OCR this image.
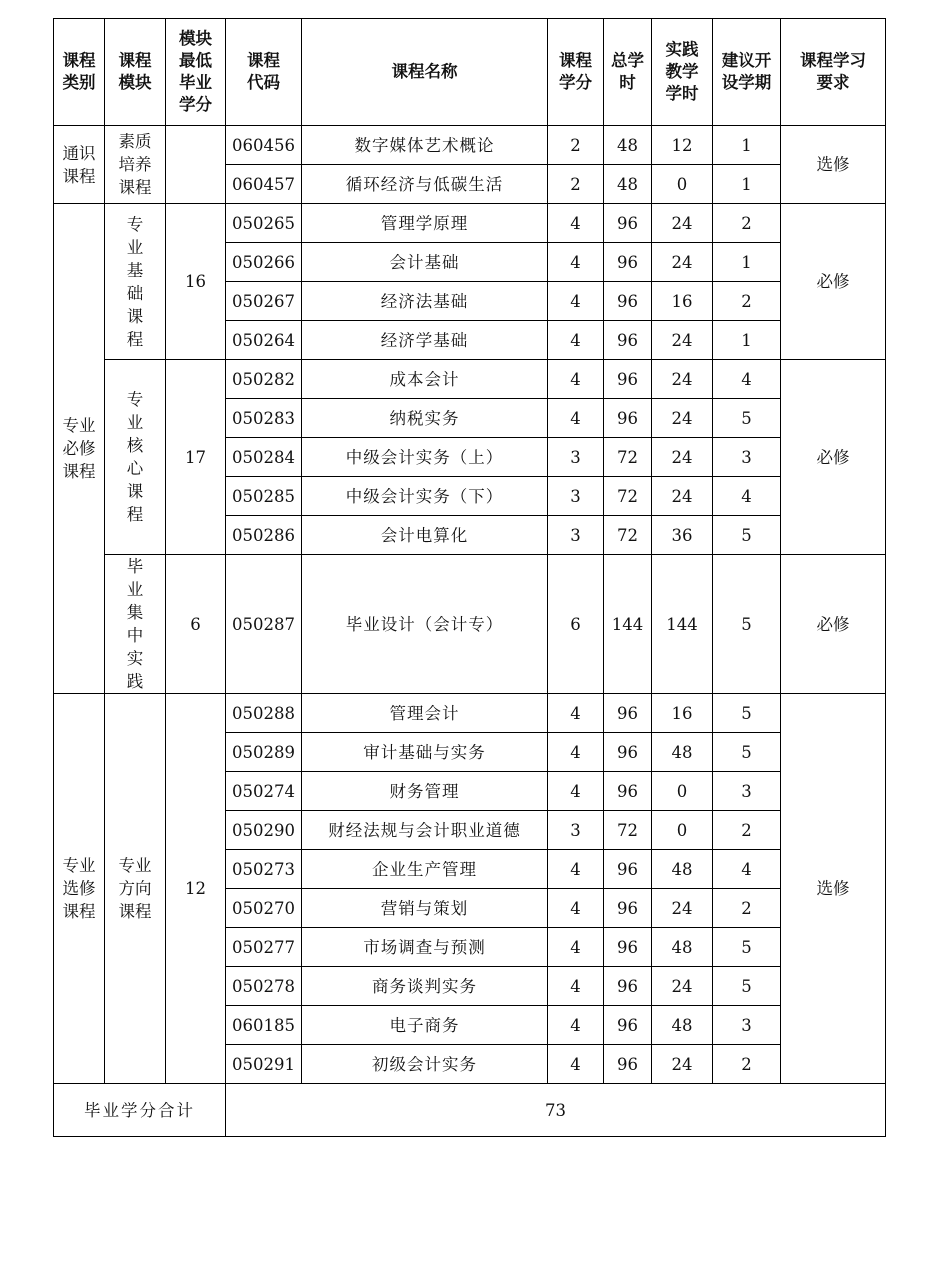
课程类别	课程模块	模块最低毕业学分	课程代码	课程名称	课程学分	总学时	实践教学学时	建议开设学期	课程学习要求
通识课程	素质培养课程		060456	数字媒体艺术概论	2	48	12	1	选修
			060457	循环经济与低碳生活	2	48	0	1	
专业必修课程	专业基础课程	16	050265	管理学原理	4	96	24	2	必修
			050266	会计基础	4	96	24	1	
			050267	经济法基础	4	96	16	2	
			050264	经济学基础	4	96	24	1	
	专业核心课程	17	050282	成本会计	4	96	24	4	必修
			050283	纳税实务	4	96	24	5	
			050284	中级会计实务（上）	3	72	24	3	
			050285	中级会计实务（下）	3	72	24	4	
			050286	会计电算化	3	72	36	5	
	毕业集中实践	6	050287	毕业设计（会计专）	6	144	144	5	必修
专业选修课程	专业方向课程	12	050288	管理会计	4	96	16	5	选修
			050289	审计基础与实务	4	96	48	5	
			050274	财务管理	4	96	0	3	
			050290	财经法规与会计职业道德	3	72	0	2	
			050273	企业生产管理	4	96	48	4	
			050270	营销与策划	4	96	24	2	
			050277	市场调查与预测	4	96	48	5	
			050278	商务谈判实务	4	96	24	5	
			060185	电子商务	4	96	48	3	
			050291	初级会计实务	4	96	24	2	
毕业学分合计			73						
